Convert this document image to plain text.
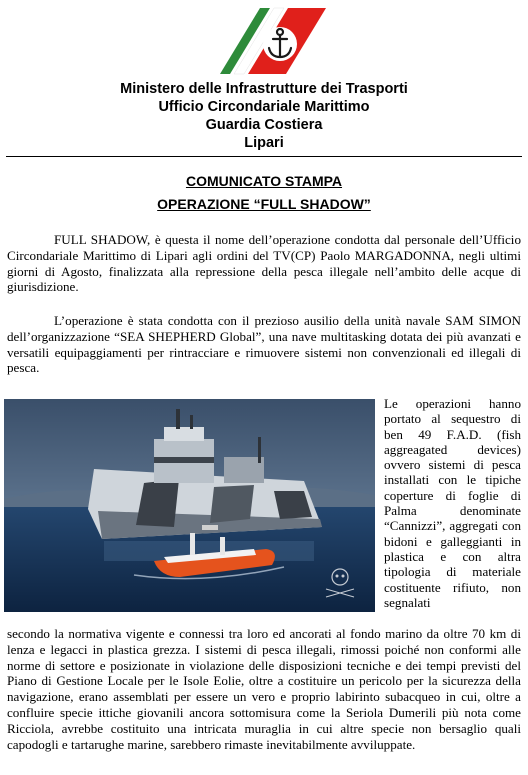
Ministero delle Infrastrutture dei Trasporti
Ufficio Circondariale Marittimo
Guardia Costiera
Lipari
COMUNICATO STAMPA
OPERAZIONE “FULL SHADOW”

FULL SHADOW, è questa il nome dell’operazione condotta dal personale dell’Ufficio Circondariale Marittimo di Lipari agli ordini del TV(CP) Paolo MARGADONNA, negli ultimi giorni di Agosto, finalizzata alla repressione della pesca illegale nell’ambito delle acque di giurisdizione.

L’operazione è stata condotta con il prezioso ausilio della unità navale SAM SIMON dell’organizzazione “SEA SHEPHERD Global”, una nave multitasking dotata dei più avanzati e versatili equipaggiamenti per rintracciare e rimuovere sistemi non convenzionali ed illegali di pesca.

Le operazioni hanno portato al sequestro di ben 49 F.A.D. (fish aggreagated devices) ovvero sistemi di pesca installati con le tipiche coperture di foglie di Palma denominate “Cannizzi”, aggregati con bidoni e galleggianti in plastica e con altra tipologia di materiale costituente rifiuto, non segnalati

secondo la normativa vigente e connessi tra loro ed ancorati al fondo marino da oltre 70 km di lenza e legacci in plastica grezza. I sistemi di pesca illegali, rimossi poiché non conformi alle norme di settore e posizionate in violazione delle disposizioni tecniche e dei tempi previsti del Piano di Gestione Locale per le Isole Eolie, oltre a costituire un pericolo per la sicurezza della navigazione, erano assemblati per essere un vero e proprio labirinto subacqueo in cui, oltre a confluire specie ittiche giovanili ancora sottomisura come la Seriola Dumerili più nota come Ricciola, avrebbe costituito una intricata muraglia in cui altre specie non bersaglio quali capodogli e tartarughe marine, sarebbero rimaste inevitabilmente avviluppate.
